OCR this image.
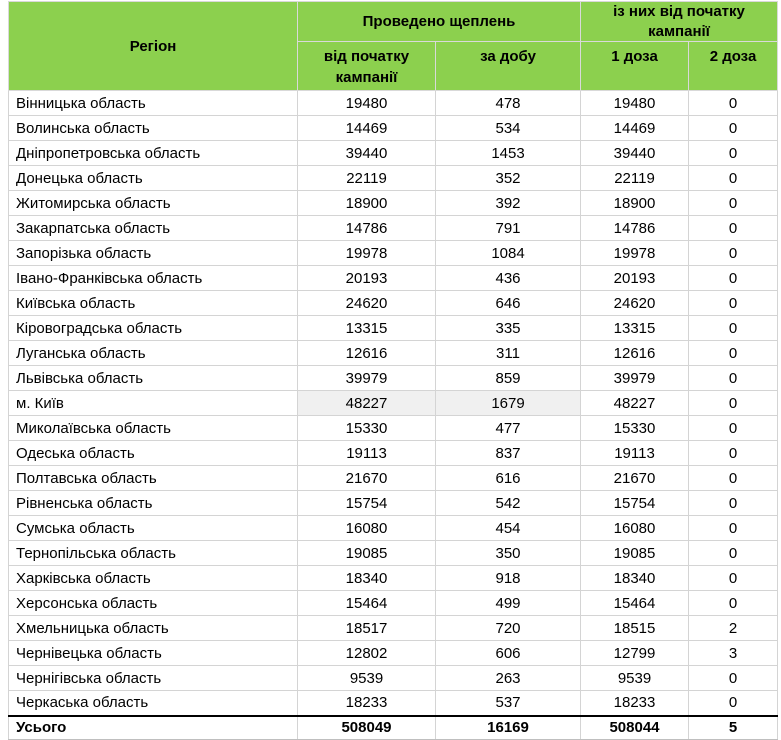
Регіон	Проведено щеплень		із них від початку кампанії	
	від початку кампанії	за добу	1 доза	2 доза
Вінницька область	19480	478	19480	0
Волинська область	14469	534	14469	0
Дніпропетровська область	39440	1453	39440	0
Донецька область	22119	352	22119	0
Житомирська область	18900	392	18900	0
Закарпатська область	14786	791	14786	0
Запорізька область	19978	1084	19978	0
Івано-Франківська область	20193	436	20193	0
Київська область	24620	646	24620	0
Кіровоградська область	13315	335	13315	0
Луганська область	12616	311	12616	0
Львівська область	39979	859	39979	0
м. Київ	48227	1679	48227	0
Миколаївська область	15330	477	15330	0
Одеська область	19113	837	19113	0
Полтавська область	21670	616	21670	0
Рівненська область	15754	542	15754	0
Сумська область	16080	454	16080	0
Тернопільська область	19085	350	19085	0
Харківська область	18340	918	18340	0
Херсонська область	15464	499	15464	0
Хмельницька область	18517	720	18515	2
Чернівецька область	12802	606	12799	3
Чернігівська область	9539	263	9539	0
Черкаська область	18233	537	18233	0
Усього	508049	16169	508044	5
